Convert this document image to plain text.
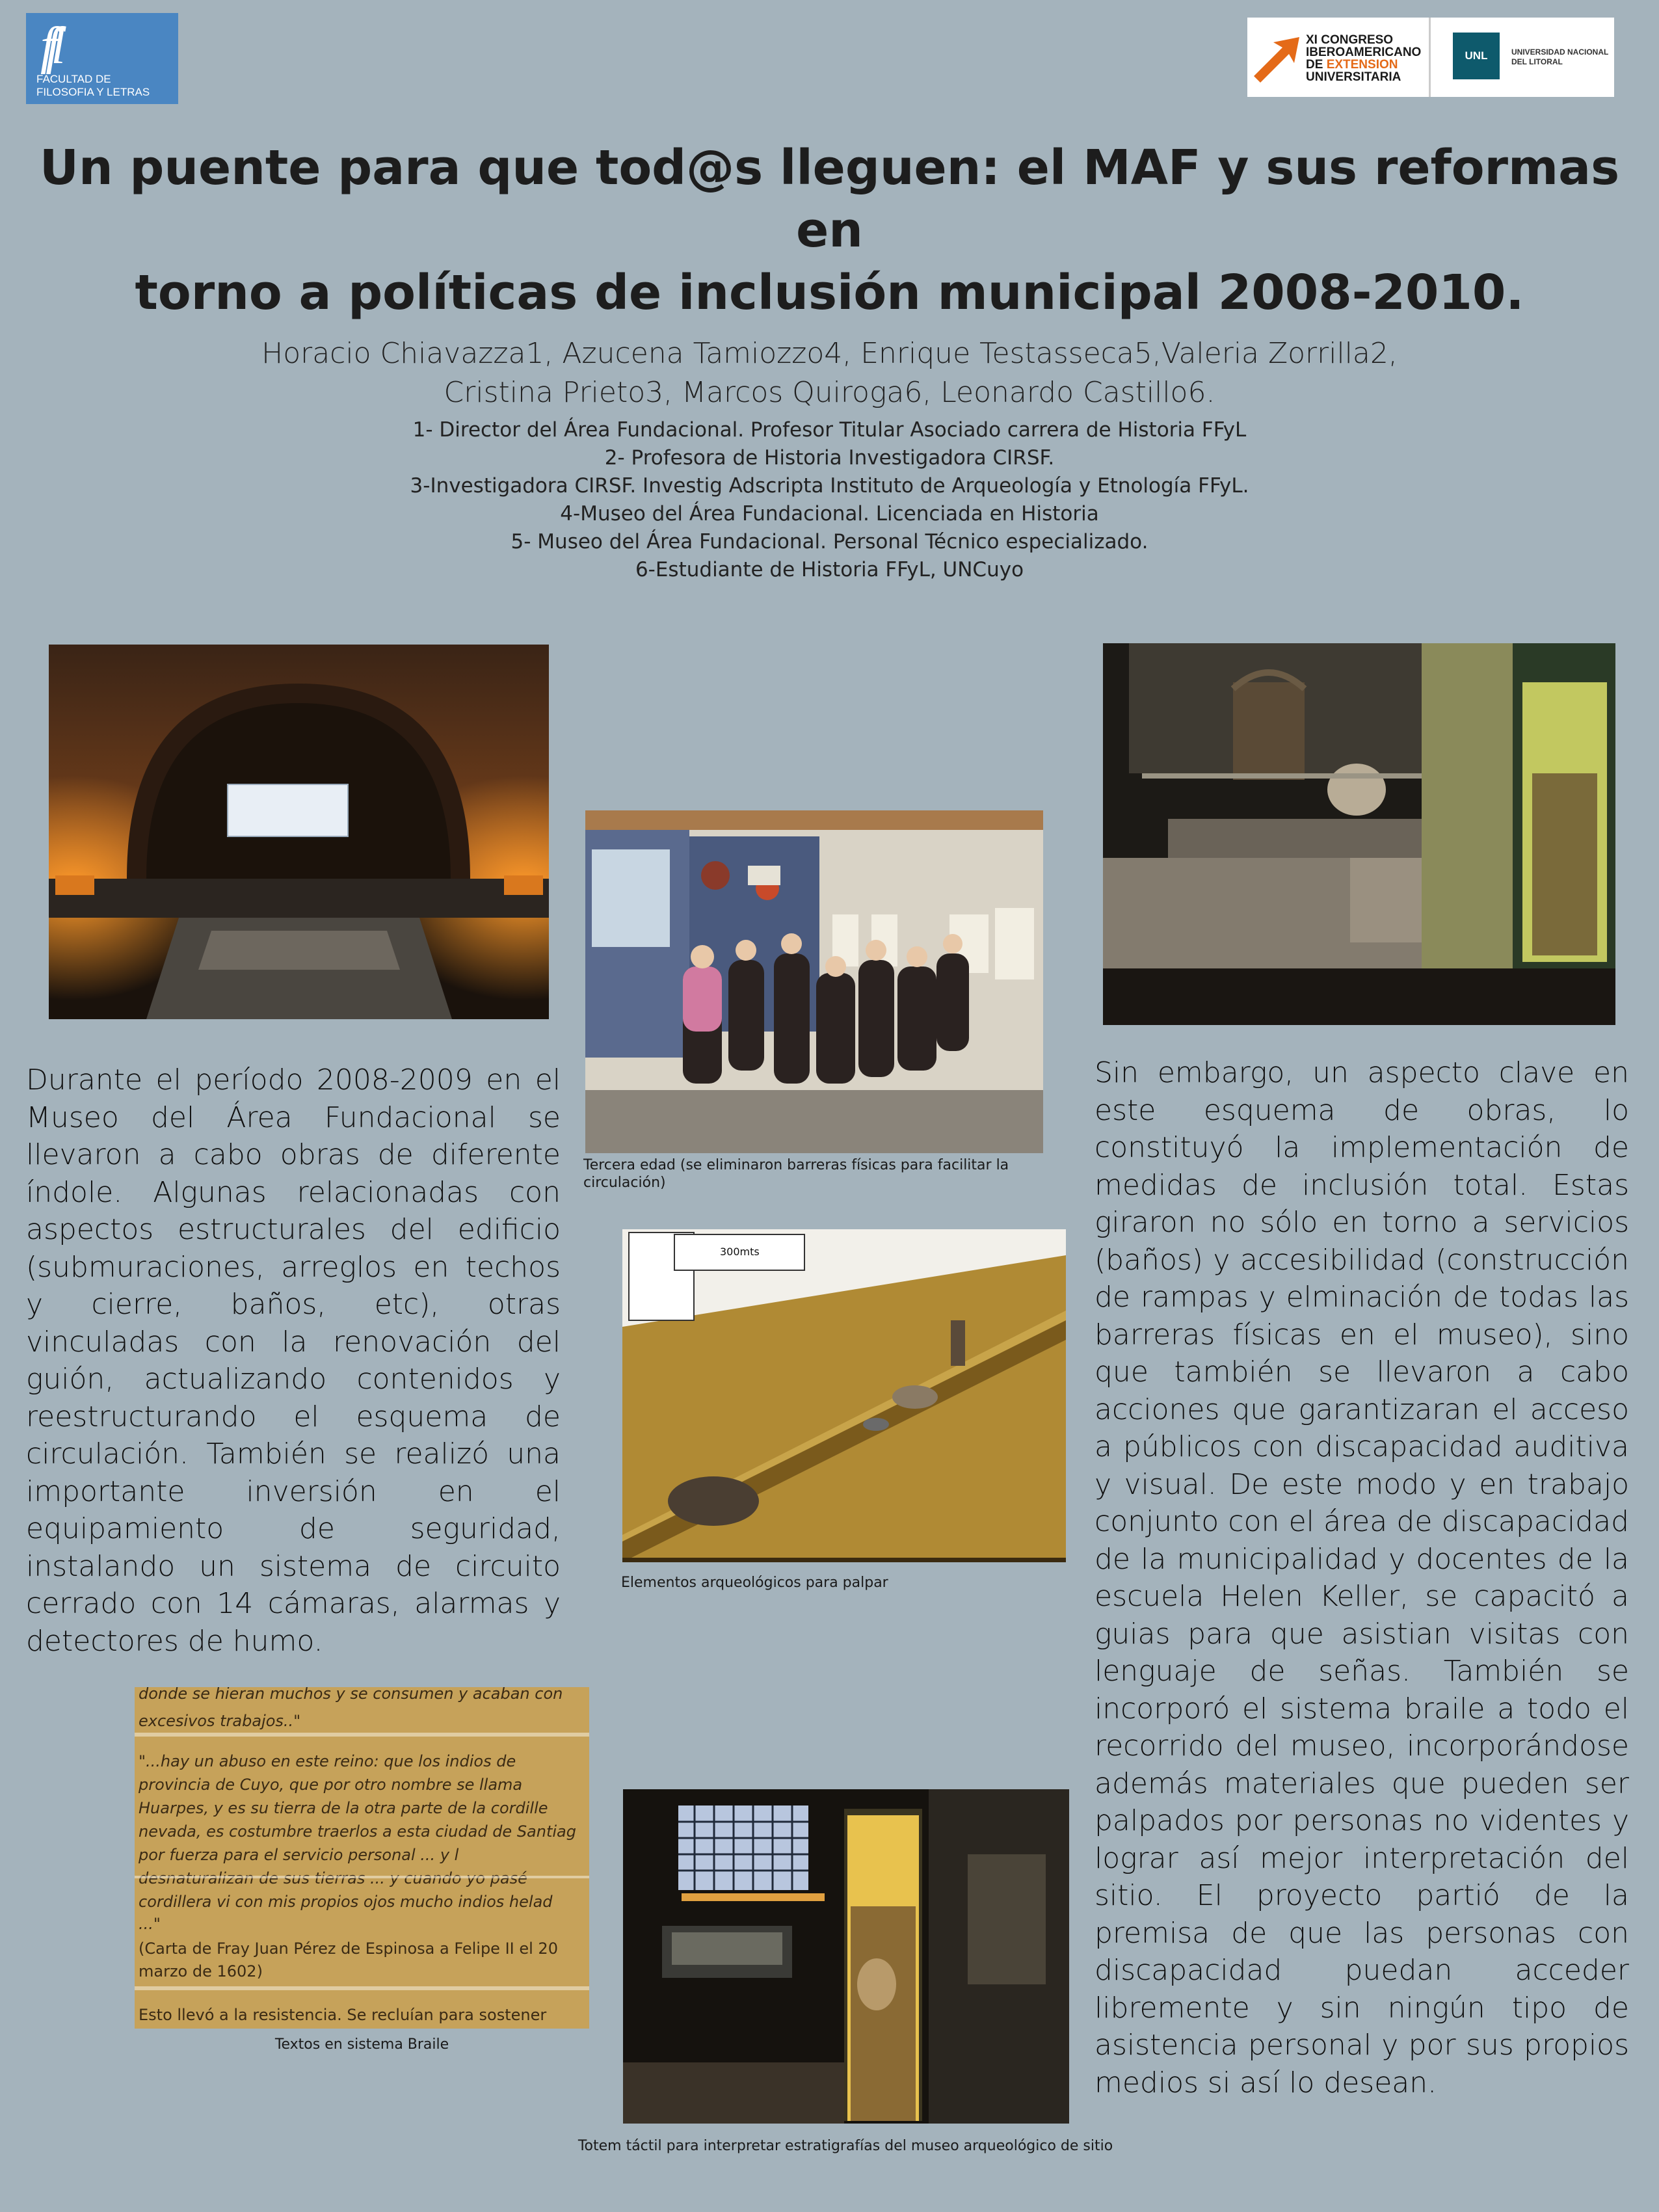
ffl
FACULTAD DE
FILOSOFIA Y LETRAS
XI CONGRESO
IBEROAMERICANO
DE EXTENSION
UNIVERSITARIA
UNL	UNIVERSIDAD NACIONAL
DEL LITORAL
Un puente para que tod@s lleguen: el MAF y sus reformas en
torno a políticas de inclusión municipal 2008-2010.
Horacio Chiavazza1, Azucena Tamiozzo4, Enrique Testasseca5,Valeria Zorrilla2,
Cristina Prieto3, Marcos Quiroga6, Leonardo Castillo6.
1- Director del Área Fundacional. Profesor Titular Asociado carrera de Historia FFyL
2- Profesora de Historia Investigadora CIRSF.
3-Investigadora CIRSF. Investig Adscripta Instituto de Arqueología y Etnología FFyL.
4-Museo del Área Fundacional. Licenciada en Historia
5- Museo del Área Fundacional. Personal Técnico especializado.
6-Estudiante de Historia FFyL, UNCuyo
Tercera edad (se eliminaron barreras físicas para facilitar la circulación)
300mts
Elementos arqueológicos para palpar
donde se hieran muchos y se consumen y acaban con
excesivos trabajos.."
"...hay un abuso en este reino: que los indios de
provincia de Cuyo, que por otro nombre se llama
Huarpes, y es su tierra de la otra parte de la cordille
nevada, es costumbre traerlos a esta ciudad de Santiag
por fuerza para el servicio personal ... y l
cordillera vi con mis propios ojos mucho indios helad
..."
(Carta de Fray Juan Pérez de Espinosa a Felipe II el 20
marzo de 1602)
Esto llevó a la resistencia. Se recluían para sostener
Textos en sistema Braile
Totem táctil para interpretar estratigrafías del museo arqueológico de sitio
Durante el período 2008-2009 en el Museo del Área Fundacional se llevaron a cabo obras de diferente índole. Algunas relacionadas con aspectos estructurales del edificio (submuraciones, arreglos en techos y cierre, baños, etc), otras vinculadas con la renovación del guión, actualizando contenidos y reestructurando el esquema de circulación. También se realizó una importante inversión en el equipamiento de seguridad, instalando un sistema de circuito cerrado con 14 cámaras, alarmas y detectores de humo.
Sin embargo, un aspecto clave en este esquema de obras, lo constituyó la implementación de medidas de inclusión total. Estas giraron no sólo en torno a servicios (baños) y accesibilidad (construcción de rampas y elminación de todas las barreras físicas en el museo), sino que también se llevaron a cabo acciones que garantizaran el acceso a públicos con discapacidad auditiva y visual. De este modo y en trabajo conjunto con el área de discapacidad de la municipalidad y docentes de la escuela Helen Keller, se capacitó a guias para que asistian visitas con lenguaje de señas. También se incorporó el sistema braile a todo el recorrido del museo, incorporándose además materiales que pueden ser palpados por personas no videntes y lograr así mejor interpretación del sitio. El proyecto partió de la premisa de que las personas con discapacidad puedan acceder libremente y sin ningún tipo de asistencia personal y por sus propios medios si así lo desean.
